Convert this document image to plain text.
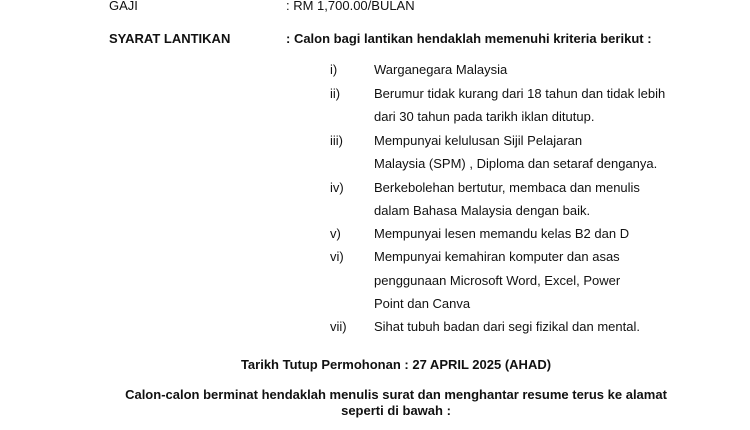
GAJI	: RM 1,700.00/BULAN
SYARAT LANTIKAN	: Calon bagi lantikan hendaklah memenuhi kriteria berikut :
i)	Warganegara Malaysia
ii)	Berumur tidak kurang dari 18 tahun dan tidak lebih
dari 30 tahun pada tarikh iklan ditutup.
iii) Mempunyai kelulusan Sijil Pelajaran
Malaysia (SPM) , Diploma dan setaraf denganya.
iv) Berkebolehan bertutur, membaca dan menulis
dalam Bahasa Malaysia dengan baik.
v)	Mempunyai lesen memandu kelas B2 dan D
vi) Mempunyai kemahiran komputer dan asas
penggunaan Microsoft Word, Excel, Power
Point dan Canva
vii) Sihat tubuh badan dari segi fizikal dan mental.
Tarikh Tutup Permohonan : 27 APRIL 2025 (AHAD)
Calon-calon berminat hendaklah menulis surat dan menghantar resume terus ke alamat
seperti di bawah :
